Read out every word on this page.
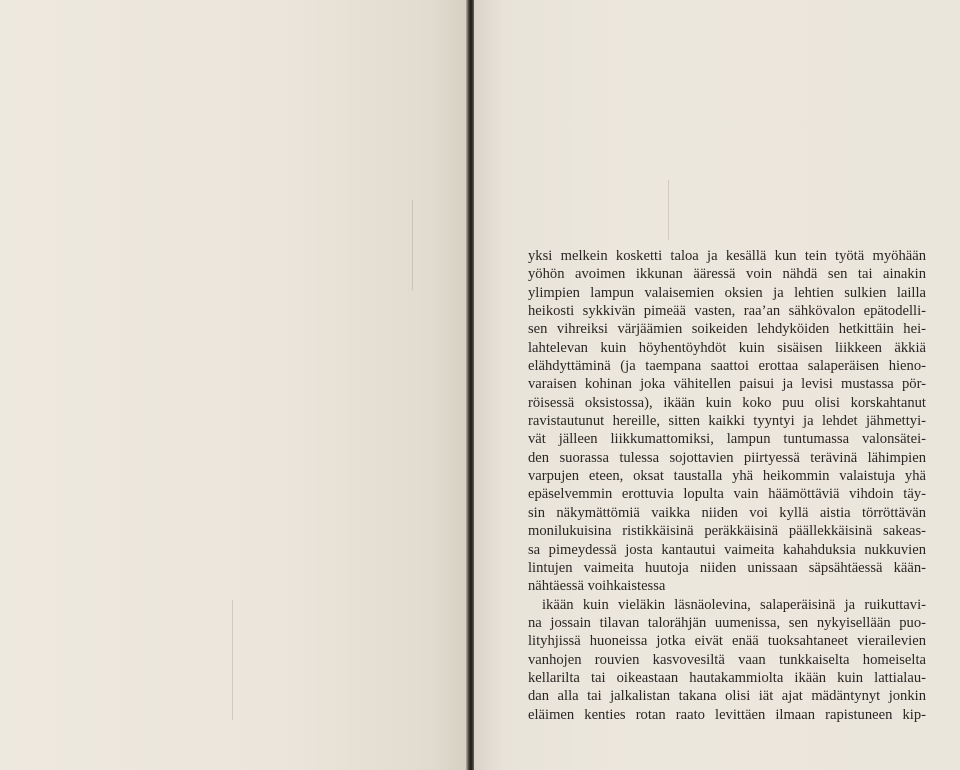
yksi melkein kosketti taloa ja kesällä kun tein työtä myöhään
yöhön avoimen ikkunan ääressä voin nähdä sen tai ainakin
ylimpien lampun valaisemien oksien ja lehtien sulkien lailla
heikosti sykkivän pimeää vasten, raa’an sähkövalon epätodelli-
sen vihreiksi värjäämien soikeiden lehdyköiden hetkittäin hei-
lahtelevan kuin höyhentöyhdöt kuin sisäisen liikkeen äkkiä
elähdyttäminä (ja taempana saattoi erottaa salaperäisen hieno-
varaisen kohinan joka vähitellen paisui ja levisi mustassa pör-
röisessä oksistossa), ikään kuin koko puu olisi korskahtanut
ravistautunut hereille, sitten kaikki tyyntyi ja lehdet jähmettyi-
vät jälleen liikkumattomiksi, lampun tuntumassa valonsätei-
den suorassa tulessa sojottavien piirtyessä terävinä lähimpien
varpujen eteen, oksat taustalla yhä heikommin valaistuja yhä
epäselvemmin erottuvia lopulta vain häämöttäviä vihdoin täy-
sin näkymättömiä vaikka niiden voi kyllä aistia törröttävän
monilukuisina ristikkäisinä peräkkäisinä päällekkäisinä sakeas-
sa pimeydessä josta kantautui vaimeita kahahduksia nukkuvien
lintujen vaimeita huutoja niiden unissaan säpsähtäessä kään-
nähtäessä voihkaistessa
ikään kuin vieläkin läsnäolevina, salaperäisinä ja ruikuttavi-
na jossain tilavan talorähjän uumenissa, sen nykyisellään puo-
lityhjissä huoneissa jotka eivät enää tuoksahtaneet vierailevien
vanhojen rouvien kasvovesiltä vaan tunkkaiselta homeiselta
kellarilta tai oikeastaan hautakammiolta ikään kuin lattialau-
dan alla tai jalkalistan takana olisi iät ajat mädäntynyt jonkin
eläimen kenties rotan raato levittäen ilmaan rapistuneen kip-
